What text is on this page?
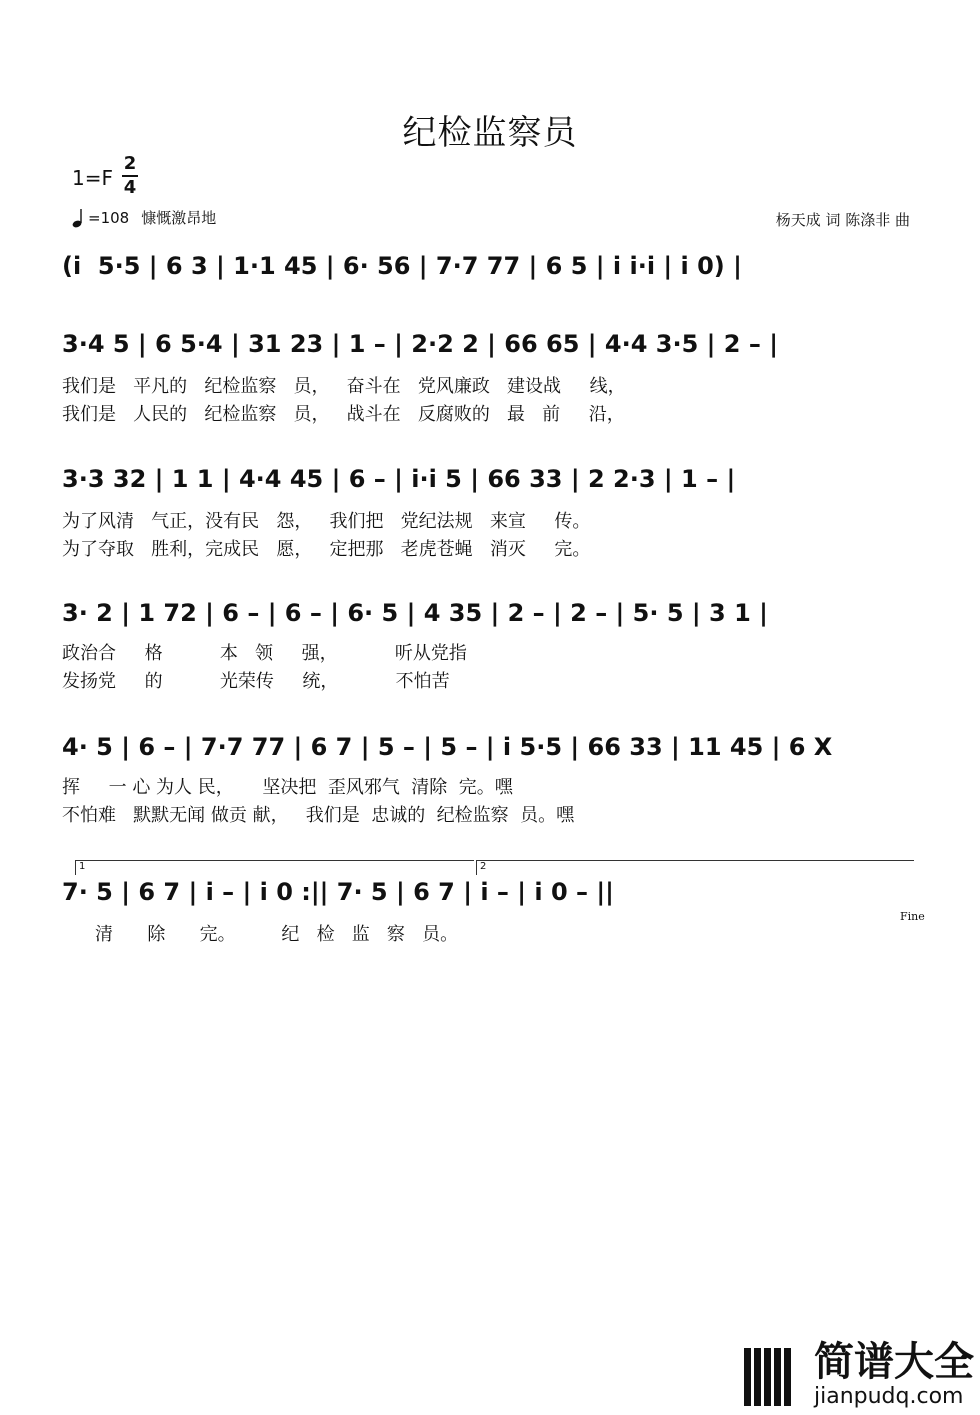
纪检监察员
1=F
2
4
=108 慷慨激昂地	杨天成 词 陈涤非 曲
(i̇  5·5 | 6 3 | 1·1 45 | 6· 56 | 7·7 77 | 6 5 | i̇ i̇·i̇ | i̇ 0) |
3·4 5 | 6 5·4 | 31 23 | 1 – | 2·2 2 | 66 65 | 4·4 3·5 | 2 – |
我们是   平凡的   纪检监察   员，   奋斗在   党风廉政   建设战     线，
我们是   人民的   纪检监察   员，   战斗在   反腐败的   最   前     沿，
3·3 32 | 1 1 | 4·4 45 | 6 – | i̇·i̇ 5 | 66 33 | 2 2·3 | 1 – |
为了风清   气正，没有民   怨，   我们把   党纪法规   来宣     传。
为了夺取   胜利，完成民   愿，   定把那   老虎苍蝇   消灭     完。
3· 2 | 1 72 | 6 – | 6 – | 6· 5 | 4 35 | 2 – | 2 – | 5· 5 | 3 1 |
政治合     格          本   领     强，          听从党指
发扬党     的          光荣传     统，          不怕苦
4· 5 | 6 – | 7·7 77 | 6 7 | 5 – | 5 – | i̇ 5·5 | 66 33 | 11 45 | 6 X
挥     一 心 为人 民，     坚决把  歪风邪气  清除  完。嘿
不怕难   默默无闻 做贡 献，   我们是  忠诚的  纪检监察  员。嘿
1	2
7· 5 | 6 7 | i̇ – | i̇ 0 :|| 7· 5 | 6 7 | i̇ – | i̇ 0 – ||
清      除      完。        纪   检   监   察   员。
Fine
简谱大全
jianpudq.com
